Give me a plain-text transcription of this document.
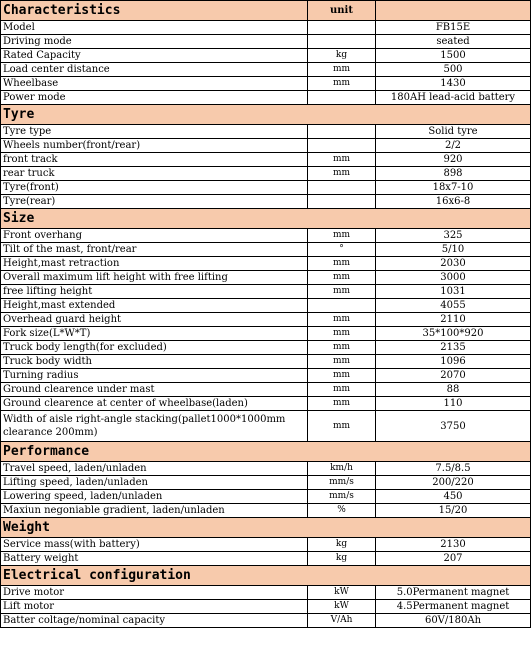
Characteristics	unit	
Model		FB15E
Driving mode		seated
Rated Capacity	kg	1500
Load center distance	mm	500
Wheelbase	mm	1430
Power mode		180AH lead-acid battery
Tyre		
Tyre type		Solid tyre
Wheels number(front/rear)		2/2
front track	mm	920
rear truck	mm	898
Tyre(front)		18x7-10
Tyre(rear)		16x6-8
Size		
Front overhang	mm	325
Tilt of the mast, front/rear	°	5/10
Height,mast retraction	mm	2030
Overall maximum lift height with free lifting	mm	3000
free lifting height	mm	1031
Height,mast extended		4055
Overhead guard height	mm	2110
Fork size(L*W*T)	mm	35*100*920
Truck body length(for excluded)	mm	2135
Truck body width	mm	1096
Turning radius	mm	2070
Ground clearence under mast	mm	88
Ground clearence at center of wheelbase(laden)	mm	110
Width of aisle right-angle stacking(pallet1000*1000mm clearance 200mm)	mm	3750
Performance		
Travel speed, laden/unladen	km/h	7.5/8.5
Lifting speed, laden/unladen	mm/s	200/220
Lowering speed, laden/unladen	mm/s	450
Maxiun negoniable gradient, laden/unladen	%	15/20
Weight		
Service mass(with battery)	kg	2130
Battery weight	kg	207
Electrical configuration		
Drive motor	kW	5.0Permanent magnet
Lift motor	kW	4.5Permanent magnet
Batter coltage/nominal capacity	V/Ah	60V/180Ah
